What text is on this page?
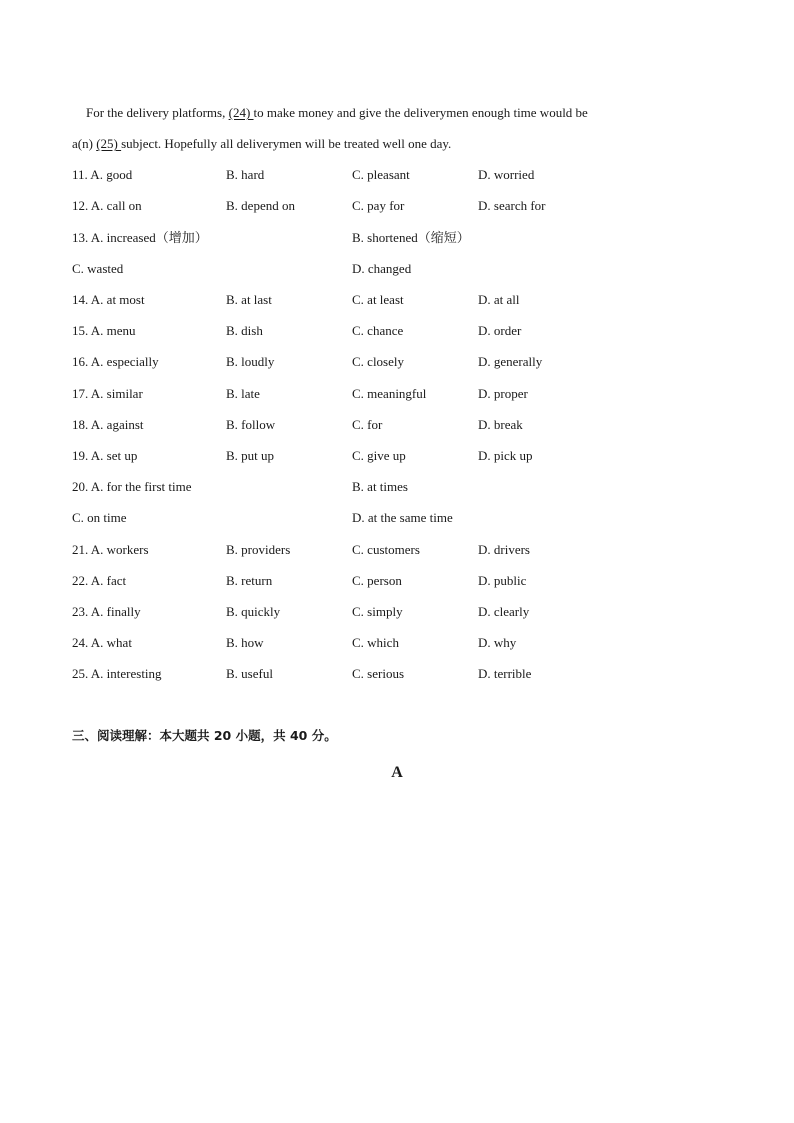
For the delivery platforms, (24) to make money and give the deliverymen enough time would be
a(n) (25) subject. Hopefully all deliverymen will be treated well one day.
11. A. good	B. hard	C. pleasant	D. worried
12. A. call on	B. depend on	C. pay for	D. search for
13. A. increased（增加）	B. shortened（缩短）
C. wasted	D. changed
14. A. at most	B. at last	C. at least	D. at all
15. A. menu	B. dish	C. chance	D. order
16. A. especially	B. loudly	C. closely	D. generally
17. A. similar	B. late	C. meaningful	D. proper
18. A. against	B. follow	C. for	D. break
19. A. set up	B. put up	C. give up	D. pick up
20. A. for the first time	B. at times
C. on time	D. at the same time
21. A. workers	B. providers	C. customers	D. drivers
22. A. fact	B. return	C. person	D. public
23. A. finally	B. quickly	C. simply	D. clearly
24. A. what	B. how	C. which	D. why
25. A. interesting	B. useful	C. serious	D. terrible
三、阅读理解：本大题共 20 小题，共 40 分。
A
